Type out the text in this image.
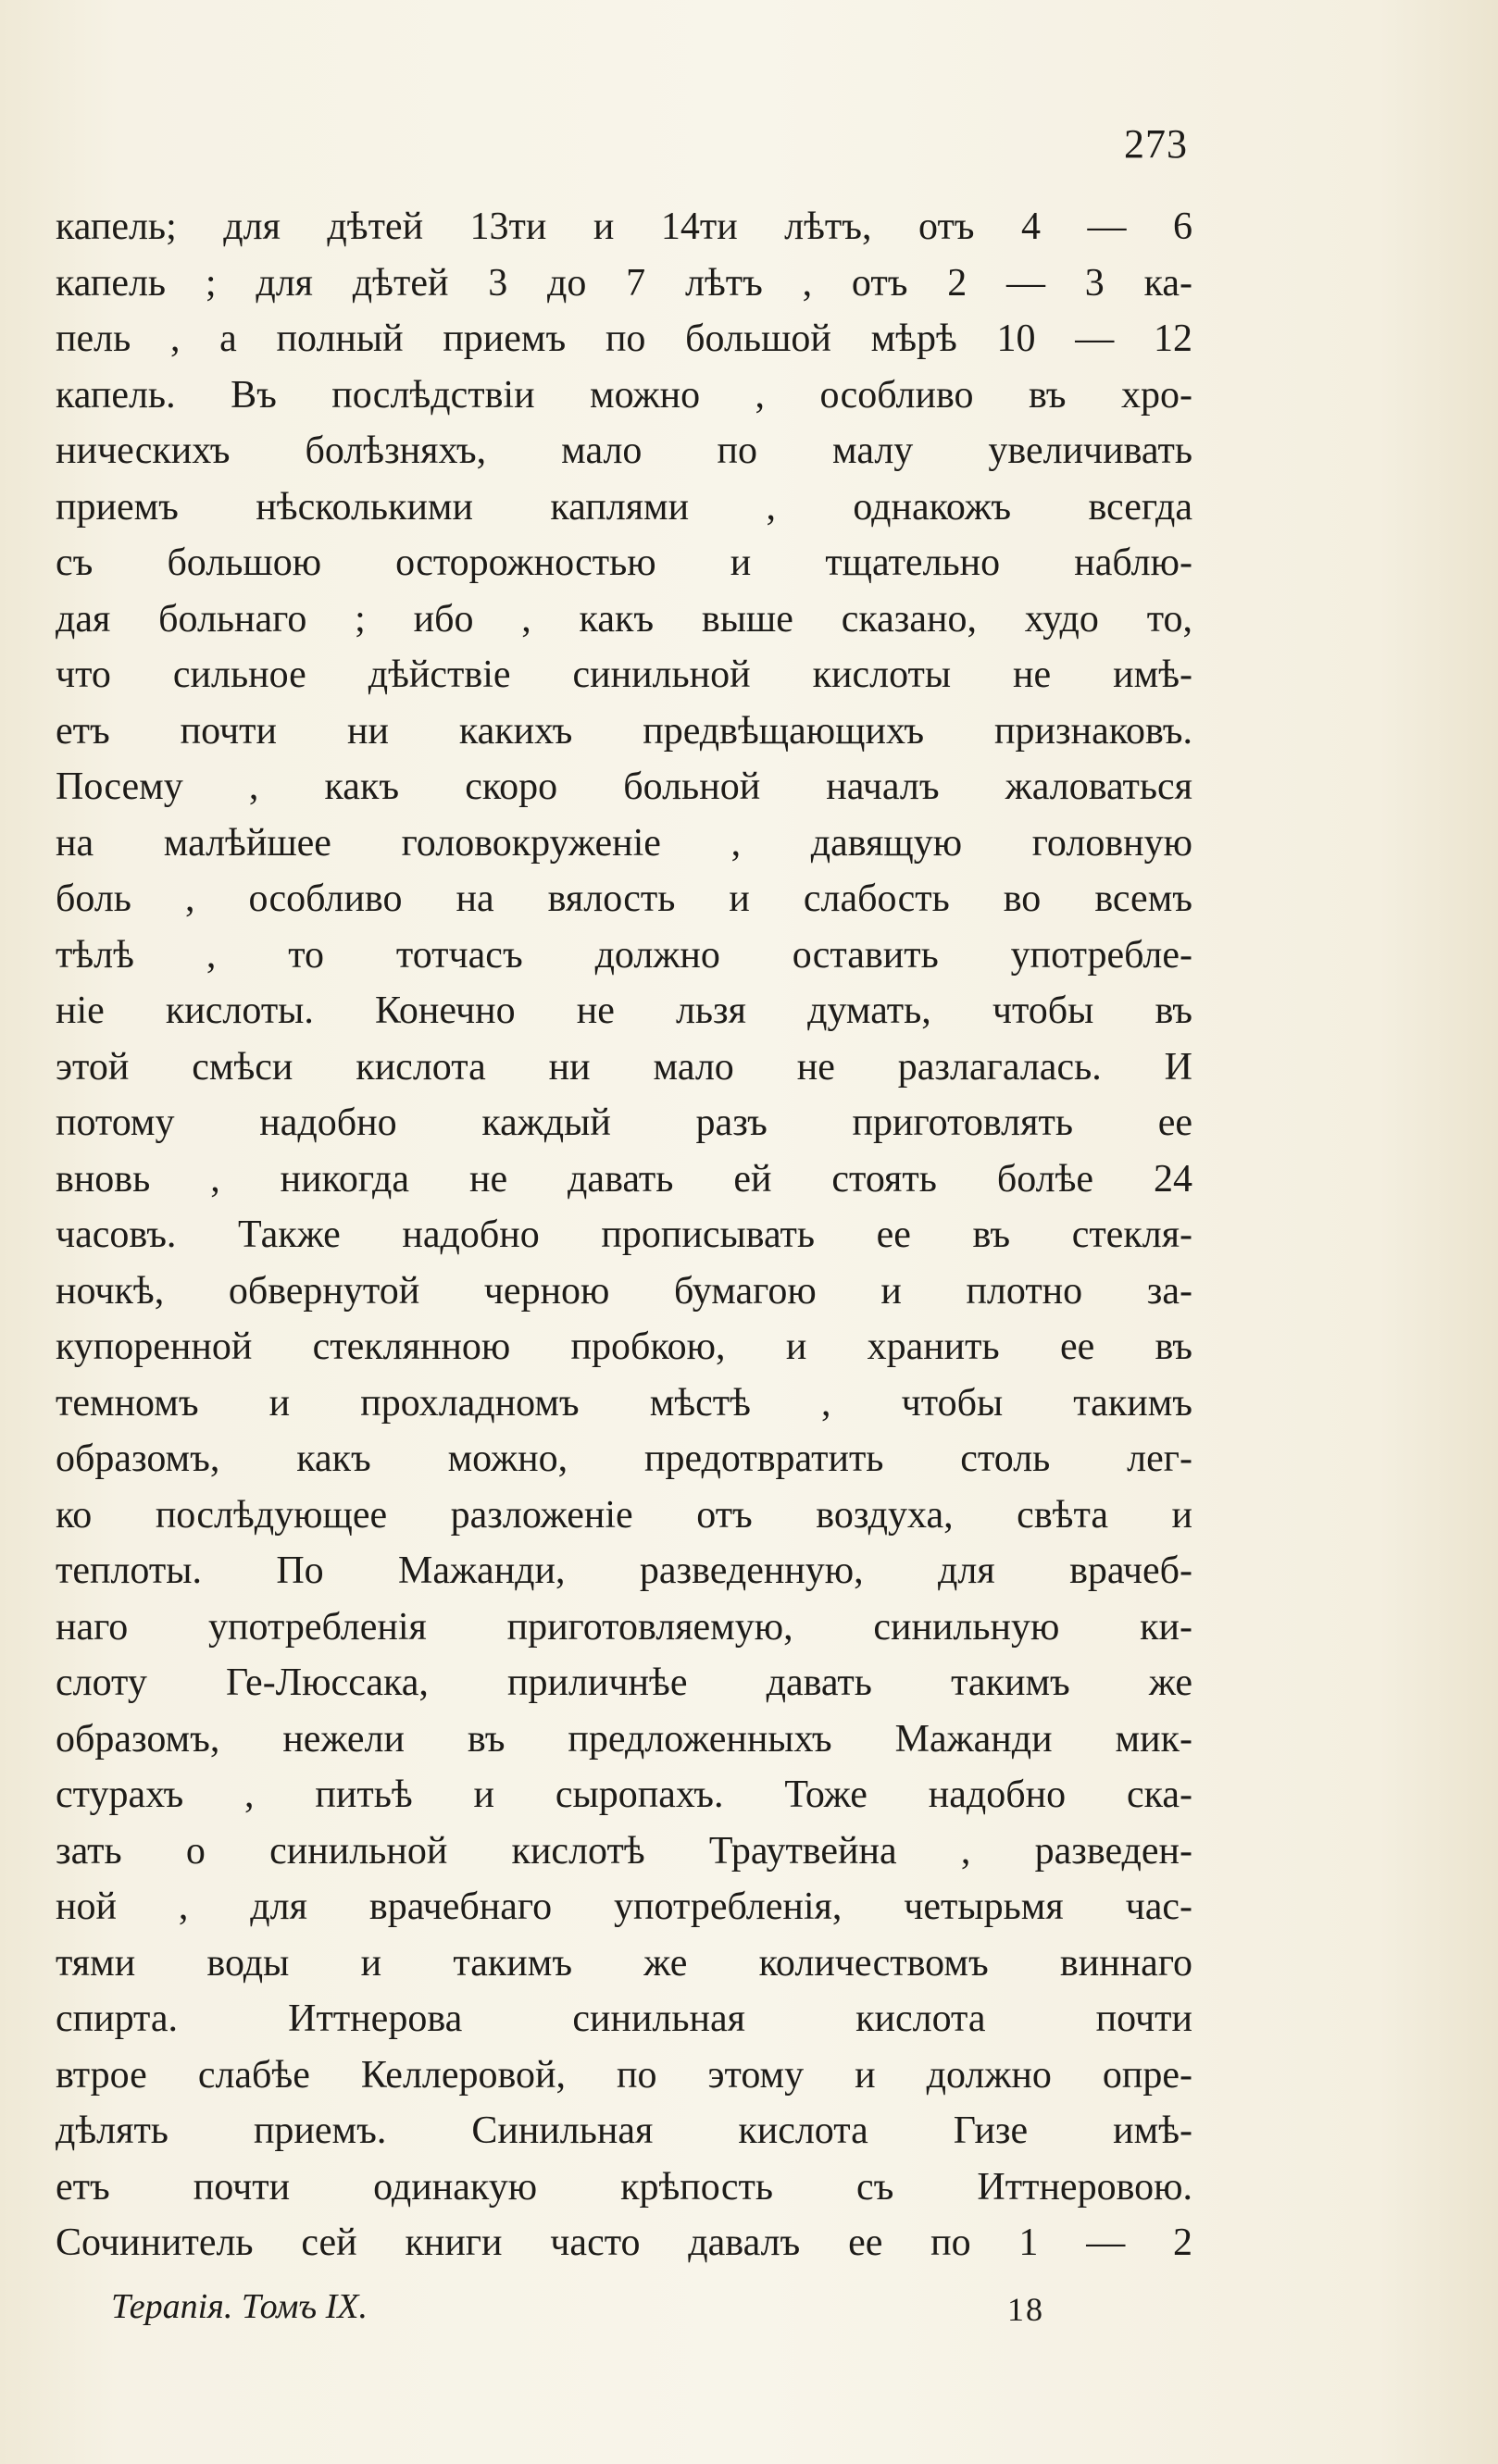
273
капель; для дѣтей 13ти и 14ти лѣтъ, отъ 4 — 6
капель ; для дѣтей 3 до 7 лѣтъ , отъ 2 — 3 ка-
пель , а полный приемъ по большой мѣрѣ 10 — 12
капель. Въ послѣдствіи можно , особливо въ хро-
ническихъ болѣзняхъ, мало по малу увеличивать
приемъ нѣсколькими каплями , однакожъ всегда
съ большою осторожностью и тщательно наблю-
дая больнаго ; ибо , какъ выше сказано, худо то,
что сильное дѣйствіе синильной кислоты не имѣ-
етъ почти ни какихъ предвѣщающихъ признаковъ.
Посему , какъ скоро больной началъ жаловаться
на малѣйшее головокруженіе , давящую головную
боль , особливо на вялость и слабость во всемъ
тѣлѣ , то тотчасъ должно оставить употребле-
ніе кислоты. Конечно не льзя думать, чтобы въ
этой смѣси кислота ни мало не разлагалась. И
потому надобно каждый разъ приготовлять ее
вновь , никогда не давать ей стоять болѣе 24
часовъ. Также надобно прописывать ее въ стекля-
ночкѣ, обвернутой черною бумагою и плотно за-
купоренной стеклянною пробкою, и хранить ее въ
темномъ и прохладномъ мѣстѣ , чтобы такимъ
образомъ, какъ можно, предотвратить столь лег-
ко послѣдующее разложеніе отъ воздуха, свѣта и
теплоты. По Мажанди, разведенную, для врачеб-
наго употребленія приготовляемую, синильную ки-
слоту Ге-Люссака, приличнѣе давать такимъ же
образомъ, нежели въ предложенныхъ Мажанди мик-
стурахъ , питьѣ и сыропахъ. Тоже надобно ска-
зать о синильной кислотѣ Траутвейна , разведен-
ной , для врачебнаго употребленія, четырьмя час-
тями воды и такимъ же количествомъ виннаго
спирта. Иттнерова синильная кислота почти
втрое слабѣе Келлеровой, по этому и должно опре-
дѣлять приемъ. Синильная кислота Гизе имѣ-
етъ почти одинакую крѣпость съ Иттнеровою.
Сочинитель сей книги часто давалъ ее по 1 — 2
Терапія. Томъ IX.	18
